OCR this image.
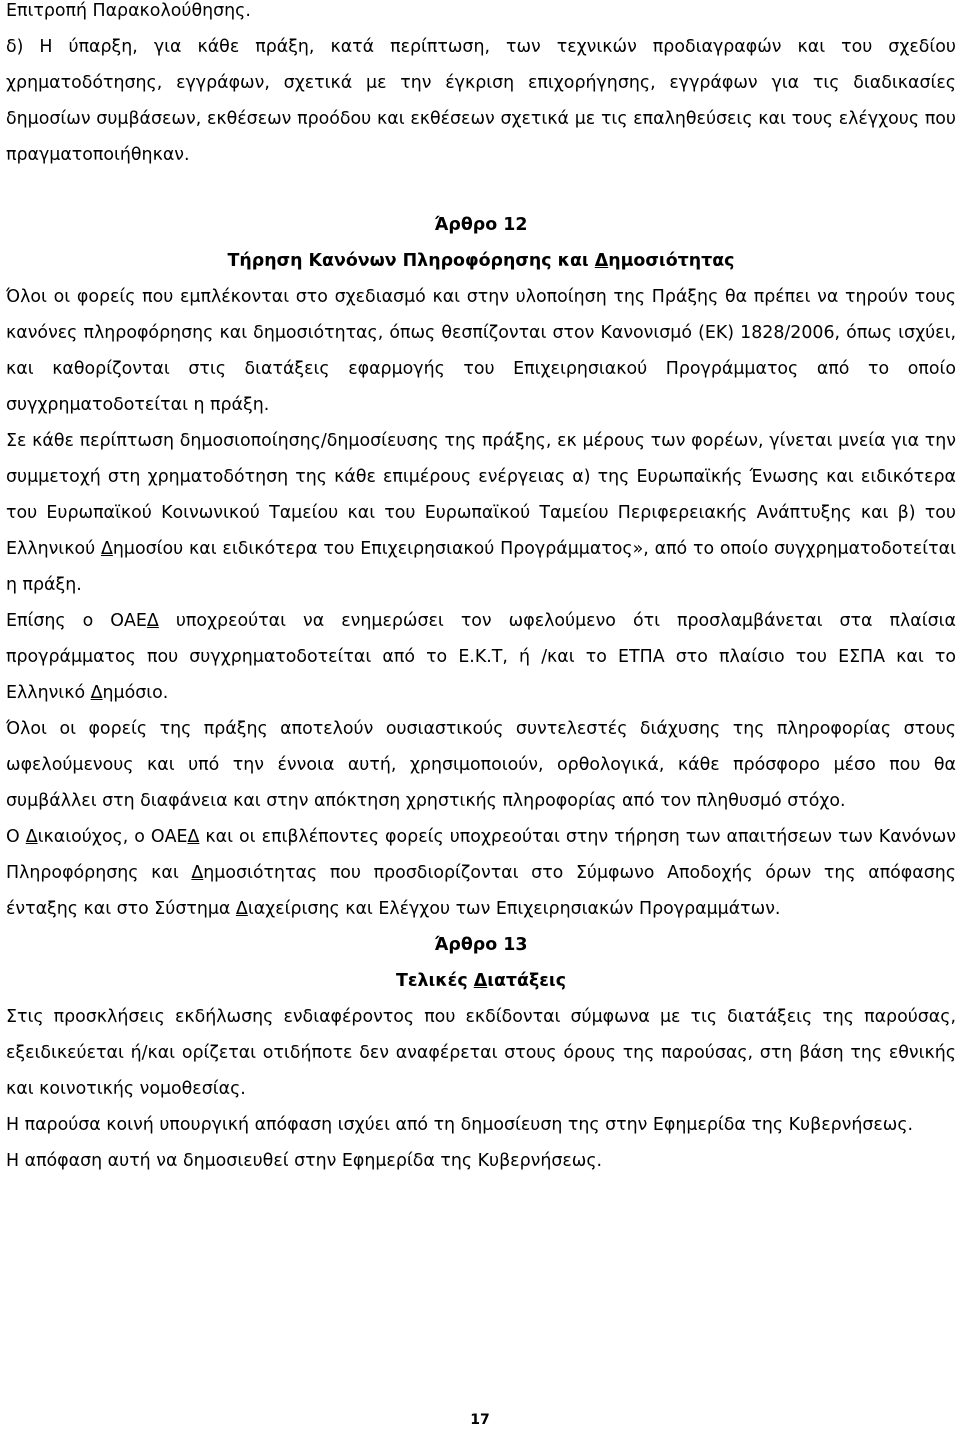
Επιτροπή Παρακολούθησης.

δ) Η ύπαρξη, για κάθε πράξη, κατά περίπτωση, των τεχνικών προδιαγραφών και του σχεδίου χρηματοδότησης, εγγράφων, σχετικά με την έγκριση επιχορήγησης, εγγράφων για τις διαδικασίες δημοσίων συμβάσεων, εκθέσεων προόδου και εκθέσεων σχετικά με τις επαληθεύσεις και τους ελέγχους που πραγματοποιήθηκαν.

Άρθρο 12

Τήρηση Κανόνων Πληροφόρησης και Δημοσιότητας

Όλοι οι φορείς που εμπλέκονται στο σχεδιασμό και στην υλοποίηση της Πράξης θα πρέπει να τηρούν τους κανόνες πληροφόρησης και δημοσιότητας, όπως θεσπίζονται στον Κανονισμό (ΕΚ) 1828/2006, όπως ισχύει, και καθορίζονται στις διατάξεις εφαρμογής του Επιχειρησιακού Προγράμματος από το οποίο συγχρηματοδοτείται η πράξη.

Σε κάθε περίπτωση δημοσιοποίησης/δημοσίευσης της πράξης, εκ μέρους των φορέων, γίνεται μνεία για την συμμετοχή στη χρηματοδότηση της κάθε επιμέρους ενέργειας α) της Ευρωπαϊκής Ένωσης και ειδικότερα του Ευρωπαϊκού Κοινωνικού Ταμείου και του Ευρωπαϊκού Ταμείου Περιφερειακής Ανάπτυξης και β) του Ελληνικού Δημοσίου και ειδικότερα του Επιχειρησιακού Προγράμματος», από το οποίο συγχρηματοδοτείται η πράξη.

Επίσης ο ΟΑΕΔ υποχρεούται να ενημερώσει τον ωφελούμενο ότι προσλαμβάνεται στα πλαίσια προγράμματος που συγχρηματοδοτείται από το Ε.Κ.Τ, ή /και το ΕΤΠΑ στο πλαίσιο του ΕΣΠΑ και το Ελληνικό Δημόσιο.

Όλοι οι φορείς της πράξης αποτελούν ουσιαστικούς συντελεστές διάχυσης της πληροφορίας στους ωφελούμενους και υπό την έννοια αυτή, χρησιμοποιούν, ορθολογικά, κάθε πρόσφορο μέσο που θα συμβάλλει στη διαφάνεια και στην απόκτηση χρηστικής πληροφορίας από τον πληθυσμό στόχο.

Ο Δικαιούχος, ο ΟΑΕΔ και οι επιβλέποντες φορείς υποχρεούται στην τήρηση των απαιτήσεων των Κανόνων Πληροφόρησης και Δημοσιότητας που προσδιορίζονται στο Σύμφωνο Αποδοχής όρων της απόφασης ένταξης και στο Σύστημα Διαχείρισης και Ελέγχου των Επιχειρησιακών Προγραμμάτων.

Άρθρο 13

Τελικές Διατάξεις

Στις προσκλήσεις εκδήλωσης ενδιαφέροντος που εκδίδονται σύμφωνα με τις διατάξεις της παρούσας, εξειδικεύεται ή/και ορίζεται οτιδήποτε δεν αναφέρεται στους όρους της παρούσας, στη βάση της εθνικής και κοινοτικής νομοθεσίας.

Η παρούσα κοινή υπουργική απόφαση ισχύει από τη δημοσίευση της στην Εφημερίδα της Κυβερνήσεως.

Η απόφαση αυτή να δημοσιευθεί στην Εφημερίδα της Κυβερνήσεως.

17
